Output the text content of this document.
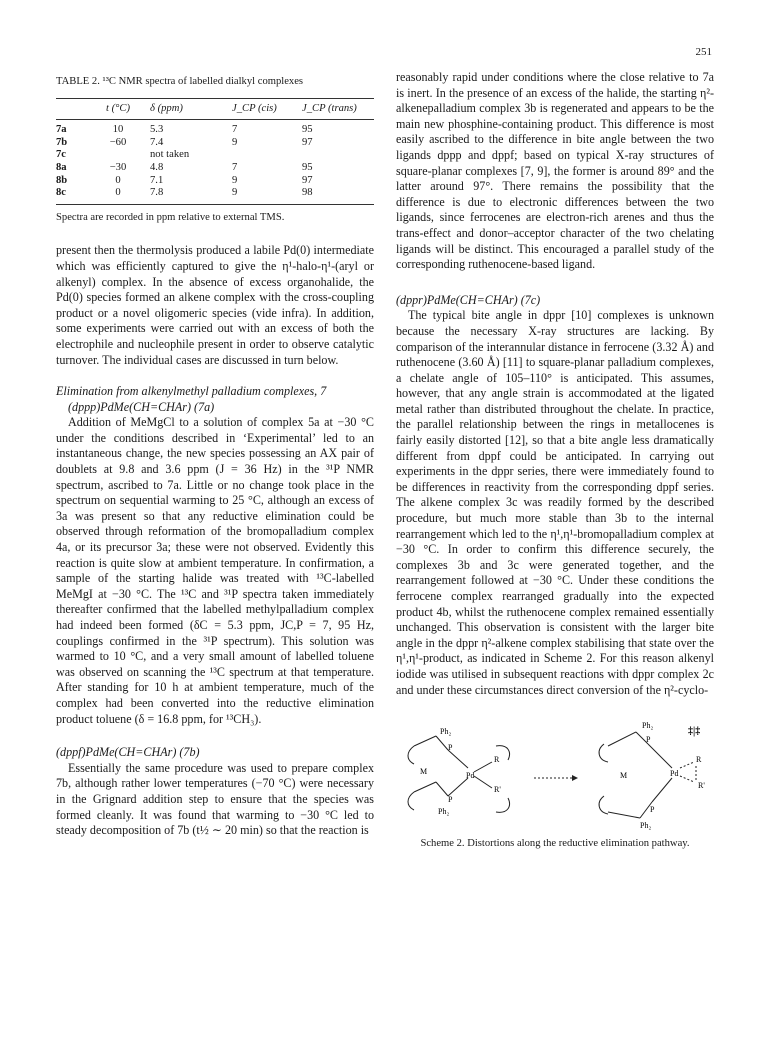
251
TABLE 2. ¹³C NMR spectra of labelled dialkyl complexes
	t (°C)	δ (ppm)	J_CP (cis)	J_CP (trans)
7a	10	5.3	7	95
7b	−60	7.4	9	97
7c		not taken		
8a	−30	4.8	7	95
8b	0	7.1	9	97
8c	0	7.8	9	98
Spectra are recorded in ppm relative to external TMS.

present then the thermolysis produced a labile Pd(0) intermediate which was efficiently captured to give the η¹-halo-η¹-(aryl or alkenyl) complex. In the absence of excess organohalide, the Pd(0) species formed an alkene complex with the cross-coupling product or a novel oligomeric species (vide infra). In addition, some experiments were carried out with an excess of both the electrophile and nucleophile present in order to observe catalytic turnover. The individual cases are discussed in turn below.

Elimination from alkenylmethyl palladium complexes, 7
(dppp)PdMe(CH=CHAr) (7a)

Addition of MeMgCl to a solution of complex 5a at −30 °C under the conditions described in ‘Experimental’ led to an instantaneous change, the new species possessing an AX pair of doublets at 9.8 and 3.6 ppm (J = 36 Hz) in the ³¹P NMR spectrum, ascribed to 7a. Little or no change took place in the spectrum on sequential warming to 25 °C, although an excess of 3a was present so that any reductive elimination could be observed through reformation of the bromopalladium complex 4a, or its precursor 3a; these were not observed. Evidently this reaction is quite slow at ambient temperature. In confirmation, a sample of the starting halide was treated with ¹³C-labelled MeMgI at −30 °C. The ¹³C and ³¹P spectra taken immediately thereafter confirmed that the labelled methylpalladium complex had indeed been formed (δC = 5.3 ppm, JC,P = 7, 95 Hz, couplings confirmed in the ³¹P spectrum). This solution was warmed to 10 °C, and a very small amount of labelled toluene was observed on scanning the ¹³C spectrum at that temperature. After standing for 10 h at ambient temperature, much of the complex had been converted into the reductive elimination product toluene (δ = 16.8 ppm, for ¹³CH₃).

(dppf)PdMe(CH=CHAr) (7b)

Essentially the same procedure was used to prepare complex 7b, although rather lower temperatures (−70 °C) were necessary in the Grignard addition step to ensure that the species was formed cleanly. It was found that warming to −30 °C led to steady decomposition of 7b (t½ ∼ 20 min) so that the reaction is

reasonably rapid under conditions where the close relative to 7a is inert. In the presence of an excess of the halide, the starting η²-alkenepalladium complex 3b is regenerated and appears to be the main new phosphine-containing product. This difference is most easily ascribed to the difference in bite angle between the two ligands dppp and dppf; based on typical X-ray structures of square-planar complexes [7, 9], the former is around 89° and the latter around 97°. There remains the possibility that the difference is due to electronic differences between the two ligands, since ferrocenes are electron-rich arenes and thus the trans-effect and donor–acceptor character of the two chelating ligands will be distinct. This encouraged a parallel study of the corresponding ruthenocene-based ligand.

(dppr)PdMe(CH=CHAr) (7c)

The typical bite angle in dppr [10] complexes is unknown because the necessary X-ray structures are lacking. By comparison of the interannular distance in ferrocene (3.32 Å) and ruthenocene (3.60 Å) [11] to square-planar palladium complexes, a chelate angle of 105–110° is anticipated. This assumes, however, that any angle strain is accommodated at the ligated metal rather than distributed throughout the chelate. In practice, the parallel relationship between the rings in metallocenes is fairly easily distorted [12], so that a bite angle less dramatically different from dppf could be anticipated. In carrying out experiments in the dppr series, there were immediately found to be differences in reactivity from the corresponding dppf series. The alkene complex 3c was readily formed by the described procedure, but much more stable than 3b to the internal rearrangement which led to the η¹,η¹-bromopalladium complex at −30 °C. In order to confirm this difference securely, the complexes 3b and 3c were generated together, and the rearrangement followed at −30 °C. Under these conditions the ferrocene complex rearranged gradually into the expected product 4b, whilst the ruthenocene complex remained essentially unchanged. This observation is consistent with the larger bite angle in the dppr η²-alkene complex stabilising that state over the η¹,η¹-product, as indicated in Scheme 2. For this reason alkenyl iodide was utilised in subsequent reactions with dppr complex 2c and under these circumstances direct conversion of the η²-cyclo-

Ph₂
P
M	Pd
R
R'
P
Ph₂
Ph₂
P
M	Pd
R
R'
P
Ph₂
‡|‡
Scheme 2. Distortions along the reductive elimination pathway.
